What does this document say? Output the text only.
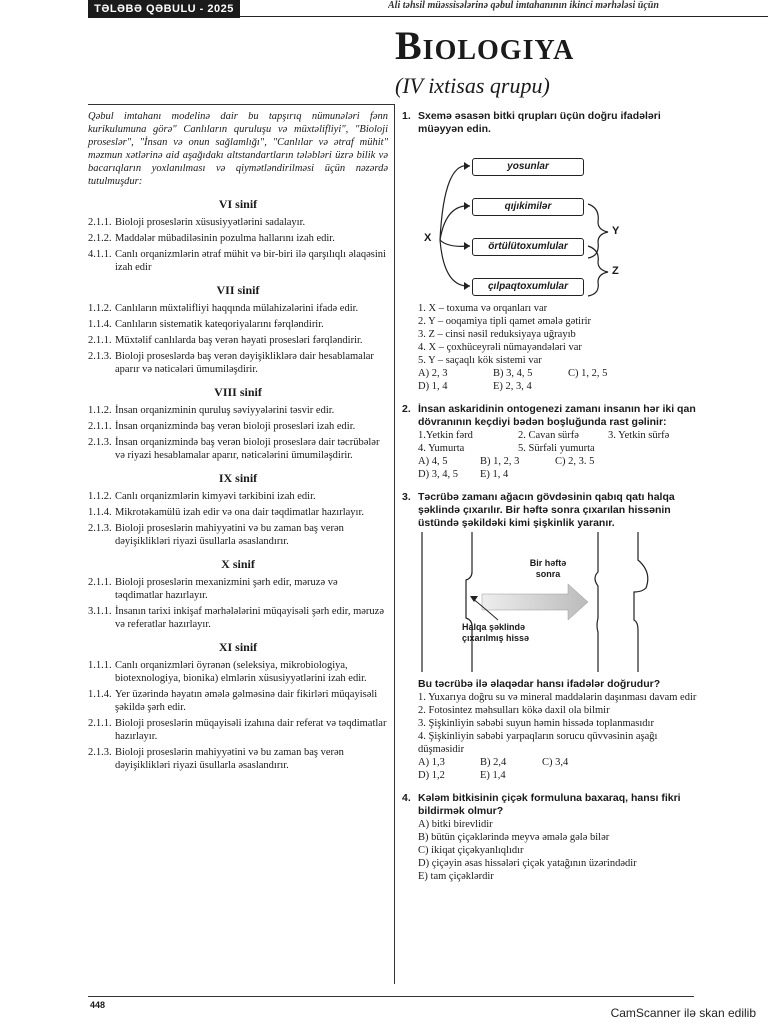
TƏLƏBƏ QƏBULU - 2025	Ali təhsil müəssisələrinə qəbul imtahanının ikinci mərhələsi üçün
Biologiya
(IV ixtisas qrupu)

Qəbul imtahanı modelinə dair bu tapşırıq nümunələri fənn kurikulumuna görə" Canlıların quruluşu və müxtəlifliyi", "Bioloji proseslər", "İnsan və onun sağlamlığı", "Canlılar və ətraf mühit" məzmun xətlərinə aid aşağıdakı altstandartların tələbləri üzrə bilik və bacarıqların yoxlanılması və qiymətləndirilməsi üçün nəzərdə tutulmuşdur:

VI sinif
2.1.1. Bioloji proseslərin xüsusiyyətlərini sadalayır.
2.1.2. Maddələr mübadiləsinin pozulma hallarını izah edir.
4.1.1. Canlı orqanizmlərin ətraf mühit və bir-biri ilə qarşılıqlı əlaqəsini izah edir
VII sinif
1.1.2. Canlıların müxtəlifliyi haqqında mülahizələrini ifadə edir.
1.1.4. Canlıların sistematik kateqoriyalarını fərqləndirir.
2.1.1. Müxtəlif canlılarda baş verən həyati prosesləri fərqləndirir.
2.1.3. Bioloji proseslərdə baş verən dəyişikliklərə dair hesablamalar aparır və nəticələri ümumiləşdirir.
VIII sinif
1.1.2. İnsan orqanizminin quruluş səviyyələrini təsvir edir.
2.1.1. İnsan orqanizmində baş verən bioloji prosesləri izah edir.
2.1.3. İnsan orqanizmində baş verən bioloji proseslərə dair təcrübələr və riyazi hesablamalar aparır, nəticələrini ümumiləşdirir.
IX sinif
1.1.2. Canlı orqanizmlərin kimyəvi tərkibini izah edir.
1.1.4. Mikrotəkamülü izah edir və ona dair təqdimatlar hazırlayır.
2.1.3. Bioloji proseslərin mahiyyətini və bu zaman baş verən dəyişiklikləri riyazi üsullarla əsaslandırır.
X sinif
2.1.1. Bioloji proseslərin mexanizmini şərh edir, məruzə və təqdimatlar hazırlayır.
3.1.1. İnsanın tarixi inkişaf mərhələlərini müqayisəli şərh edir, məruzə və referatlar hazırlayır.
XI sinif
1.1.1. Canlı orqanizmləri öyrənən (seleksiya, mikrobiologiya, biotexnologiya, bionika) elmlərin xüsusiyyətlərini izah edir.
1.1.4. Yer üzərində həyatın əmələ gəlməsinə dair fikirləri müqayisəli şəkildə şərh edir.
2.1.1. Bioloji proseslərin müqayisəli izahına dair referat və təqdimatlar hazırlayır.
2.1.3. Bioloji proseslərin mahiyyətini və bu zaman baş verən dəyişiklikləri riyazi üsullarla əsaslandırır.
1. Sxemə əsasən bitki qrupları üçün doğru ifadələri müəyyən edin.
yosunlar
qıjıkimilər
örtülütoxumlular
çılpaqtoxumlular
X
Y
Z
1. X – toxuma və orqanları var
2. Y – ooqamiya tipli qamet əmələ gətirir
3. Z – cinsi nəsil reduksiyaya uğrayıb
4. X – çoxhüceyrəli nümayəndələri var
5. Y – saçaqlı kök sistemi var
A) 2, 3	B) 3, 4, 5	C) 1, 2, 5
D) 1, 4	E) 2, 3, 4
2. İnsan askaridinin ontogenezi zamanı insanın hər iki qan dövranının keçdiyi bədən boşluğunda rast gəlinir:
1.Yetkin fərd	2. Cavan sürfə	3. Yetkin sürfə
4. Yumurta	5. Sürfəli yumurta
A) 4, 5	B) 1, 2, 3	C) 2, 3. 5
D) 3, 4, 5	E) 1, 4
3. Təcrübə zamanı ağacın gövdəsinin qabıq qatı halqa şəklində çıxarılır. Bir həftə sonra çıxarılan hissənin üstündə şəkildəki kimi şişkinlik yaranır.
Bir həftə sonra
Halqa şəklində çıxarılmış hissə
Bu təcrübə ilə əlaqədar hansı ifadələr doğrudur?
1. Yuxarıya doğru su və mineral maddələrin daşınması davam edir
2. Fotosintez məhsulları kökə daxil ola bilmir
3. Şişkinliyin səbəbi suyun həmin hissədə toplanmasıdır
4. Şişkinliyin səbəbi yarpaqların sorucu qüvvəsinin aşağı düşməsidir
A) 1,3	B) 2,4	C) 3,4
D) 1,2	E) 1,4
4. Kələm bitkisinin çiçək formuluna baxaraq, hansı fikri bildirmək olmur?
A) bitki birevlidir
B) bütün çiçəklərində meyvə əmələ gələ bilər
C) ikiqat çiçəkyanlıqlıdır
D) çiçəyin əsas hissələri çiçək yatağının üzərindədir
E) tam çiçəklərdir
448
CamScanner ilə skan edilib
